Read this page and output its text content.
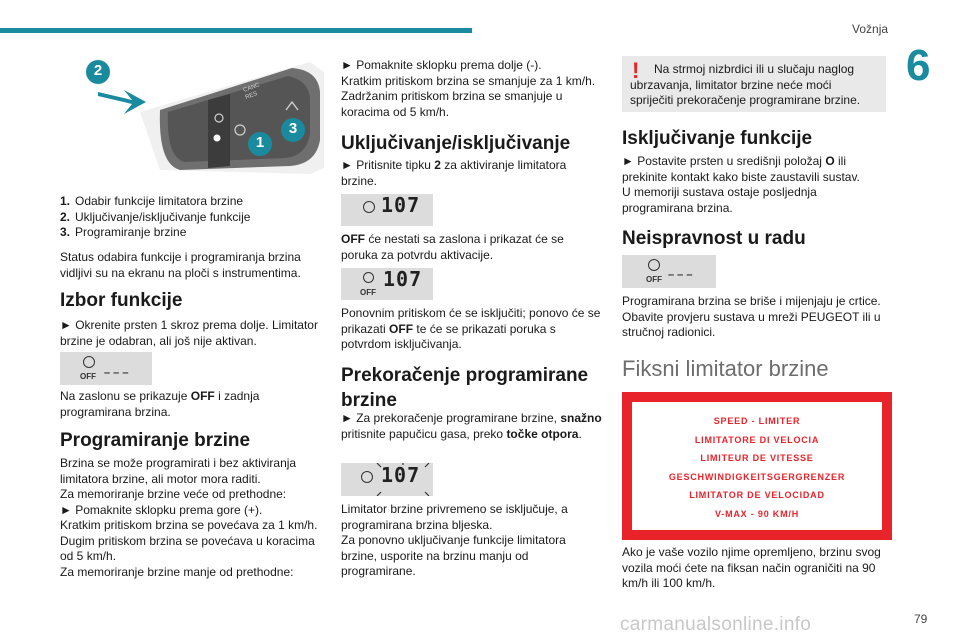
Vožnja
6
CANC
RES
2
3
1
1. Odabir funkcije limitatora brzine
2. Uključivanje/isključivanje funkcije
3. Programiranje brzine

Status odabira funkcije i programiranja brzina vidljivi su na ekranu na ploči s instrumentima.

Izbor funkcije

► Okrenite prsten 1 skroz prema dolje. Limitator brzine je odabran, ali još nije aktivan.

OFF – – –

Na zaslonu se prikazuje OFF i zadnja programirana brzina.

Programiranje brzine

Brzina se može programirati i bez aktiviranja limitatora brzine, ali motor mora raditi.

Za memoriranje brzine veće od prethodne:

► Pomaknite sklopku prema gore (+).

Kratkim pritiskom brzina se povećava za 1 km/h.

Dugim pritiskom brzina se povećava u koracima od 5 km/h.

Za memoriranje brzine manje od prethodne:

► Pomaknite sklopku prema dolje (-).

Kratkim pritiskom brzina se smanjuje za 1 km/h. Zadržanim pritiskom brzina se smanjuje u koracima od 5 km/h.

Uključivanje/isključivanje

► Pritisnite tipku 2 za aktiviranje limitatora brzine.

107

OFF će nestati sa zaslona i prikazat će se poruka za potvrdu aktivacije.

OFF
107

Ponovnim pritiskom će se isključiti; ponovo će se prikazati OFF te će se prikazati poruka s potvrdom isključivanja.

Prekoračenje programirane brzine

► Za prekoračenje programirane brzine, snažno pritisnite papučicu gasa, preko točke otpora.

107

Limitator brzine privremeno se isključuje, a programirana brzina bljeska.

Za ponovno uključivanje funkcije limitatora brzine, usporite na brzinu manju od programirane.

!	Na strmoj nizbrdici ili u slučaju naglog ubrzavanja, limitator brzine neće moći spriječiti prekoračenje programirane brzine.

Isključivanje funkcije

► Postavite prsten u središnji položaj O ili prekinite kontakt kako biste zaustavili sustav.

U memoriji sustava ostaje posljednja programirana brzina.

Neispravnost u radu
OFF – – –

Programirana brzina se briše i mijenjaju je crtice. Obavite provjeru sustava u mreži PEUGEOT ili u stručnoj radionici.

Fiksni limitator brzine
SPEED - LIMITER
LIMITATORE DI VELOCIA
LIMITEUR DE VITESSE
GESCHWINDIGKEITSGERGRENZER
LIMITATOR DE VELOCIDAD
V-MAX - 90 KM/H

Ako je vaše vozilo njime opremljeno, brzinu svog vozila moći ćete na fiksan način ograničiti na 90 km/h ili 100 km/h.

carmanualsonline.info	79
